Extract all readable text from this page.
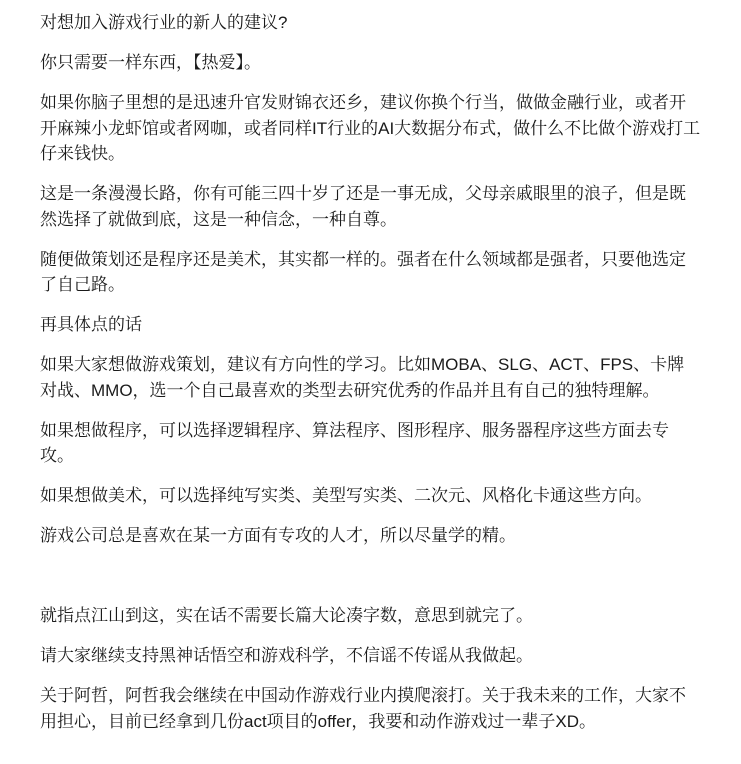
对想加入游戏行业的新人的建议?

你只需要一样东西，【热爱】。

如果你脑子里想的是迅速升官发财锦衣还乡，建议你换个行当，做做金融行业，或者开开麻辣小龙虾馆或者网咖，或者同样IT行业的AI大数据分布式，做什么不比做个游戏打工仔来钱快。

这是一条漫漫长路，你有可能三四十岁了还是一事无成，父母亲戚眼里的浪子，但是既然选择了就做到底，这是一种信念，一种自尊。

随便做策划还是程序还是美术，其实都一样的。强者在什么领域都是强者，只要他选定了自己路。

再具体点的话

如果大家想做游戏策划，建议有方向性的学习。比如MOBA、SLG、ACT、FPS、卡牌对战、MMO，选一个自己最喜欢的类型去研究优秀的作品并且有自己的独特理解。

如果想做程序，可以选择逻辑程序、算法程序、图形程序、服务器程序这些方面去专攻。

如果想做美术，可以选择纯写实类、美型写实类、二次元、风格化卡通这些方向。

游戏公司总是喜欢在某一方面有专攻的人才，所以尽量学的精。

就指点江山到这，实在话不需要长篇大论凑字数，意思到就完了。

请大家继续支持黑神话悟空和游戏科学，不信谣不传谣从我做起。

关于阿哲，阿哲我会继续在中国动作游戏行业内摸爬滚打。关于我未来的工作，大家不用担心，目前已经拿到几份act项目的offer，我要和动作游戏过一辈子XD。
